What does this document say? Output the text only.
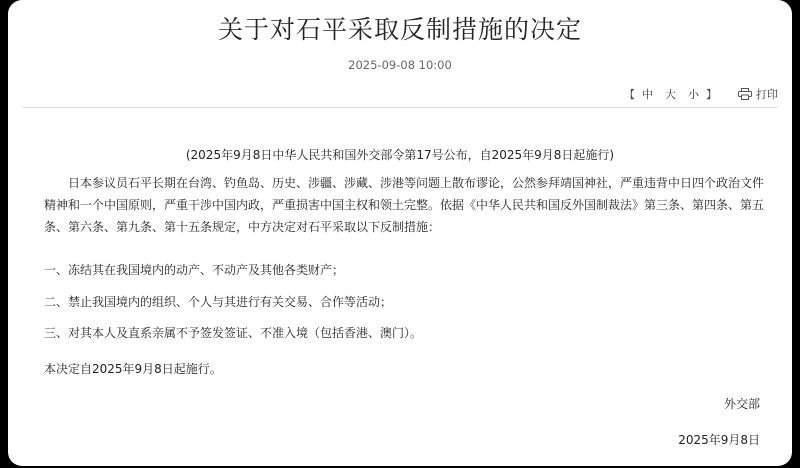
关于对石平采取反制措施的决定
2025-09-08 10:00
【 中 大 小 】	打印
(2025年9月8日中华人民共和国外交部令第17号公布，自2025年9月8日起施行)

日本参议员石平长期在台湾、钓鱼岛、历史、涉疆、涉藏、涉港等问题上散布谬论，公然参拜靖国神社，严重违背中日四个政治文件精神和一个中国原则，严重干涉中国内政，严重损害中国主权和领土完整。依据《中华人民共和国反外国制裁法》第三条、第四条、第五条、第六条、第九条、第十五条规定，中方决定对石平采取以下反制措施：

一、冻结其在我国境内的动产、不动产及其他各类财产；
二、禁止我国境内的组织、个人与其进行有关交易、合作等活动；
三、对其本人及直系亲属不予签发签证、不准入境（包括香港、澳门）。
本决定自2025年9月8日起施行。
外交部
2025年9月8日
